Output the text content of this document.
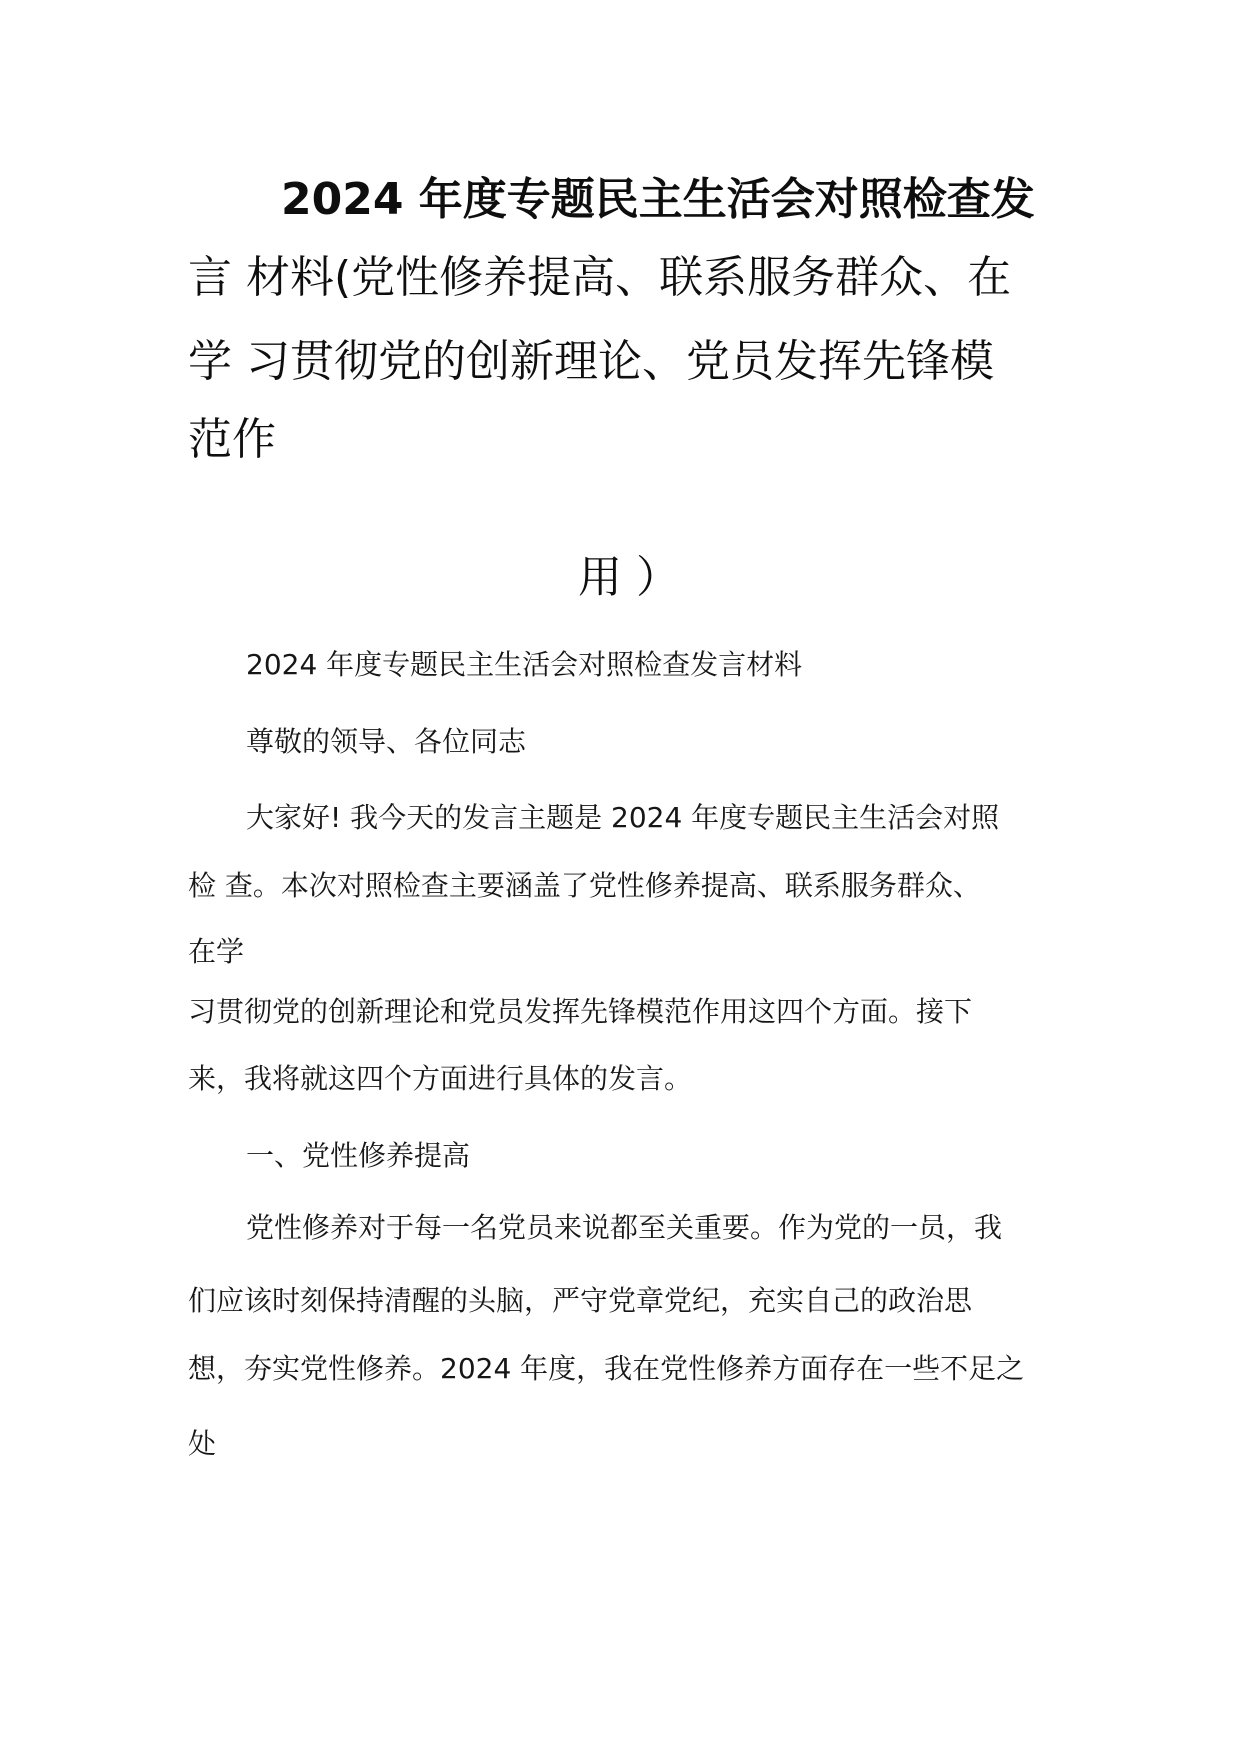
2024 年度专题民主生活会对照检查发
言 材料(党性修养提高、联系服务群众、在
学 习贯彻党的创新理论、党员发挥先锋模
范作
用 ）
2024 年度专题民主生活会对照检查发言材料
尊敬的领导、各位同志
大家好! 我今天的发言主题是 2024 年度专题民主生活会对照
检 查。本次对照检查主要涵盖了党性修养提高、联系服务群众、
在学
习贯彻党的创新理论和党员发挥先锋模范作用这四个方面。接下
来，我将就这四个方面进行具体的发言。
一、党性修养提高
党性修养对于每一名党员来说都至关重要。作为党的一员，我
们应该时刻保持清醒的头脑，严守党章党纪，充实自己的政治思
想，夯实党性修养。2024 年度，我在党性修养方面存在一些不足之
处
